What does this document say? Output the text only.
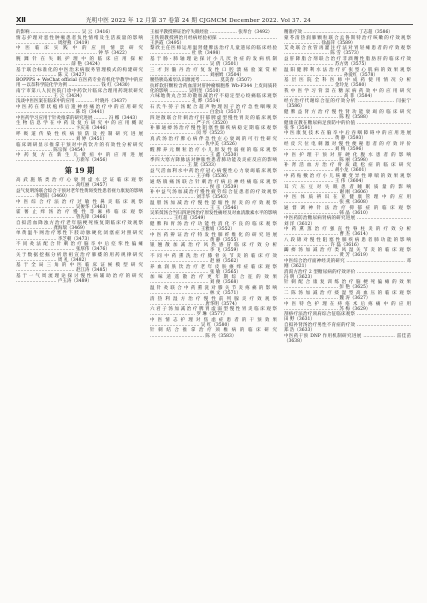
Ⅻ	光明中医 2022 年 12 月第 37 卷第 24 期 CJGMCM December 2022. Vol 37. 24
的影响 …………………………… 吴 云（3416）
情志护理对恶性肿瘤患者负性情绪及生活质量的影响 ……………………… 周舒燕（3419）
中医临床实践中的应用情景研究 ……………………………………………… 钟 华（3422）
腕踝针在失眠护理中的临床应用探析 ……………………………… 薛 艳（3424）
基于联合标准化的中医治未病服务管理模式的构建研究 ……………………… 陈 义（3427）
BOPPPS + WeChat official 在医药专业有机化学教学中的应用 —以奈科学院化学为例 ………………… 钱 红（3430）
南宁市第八人民医院门诊中药饮片临床合理用药现状研究 …………………… 王 云（3434）
浅谈中医医案在临床中的应用 ………… 叶晓丹（3437）
中医药在带状疱疹后遗神经痛治疗中的应用研究 ………………………………… 陈 均（3441）
中医药学习应用于针灸推拿的研究进展 ……… 冯 娜（3443）
生物信息学在中药及复方研究中的应用概况 ………………………………… 卞庆来（3446）
呼吸道传染性疾病预防及控制研究进展 ………………………………… 刘 婷（3451）
临床调研显示推拿干预对中药饮片的有效性分析研究 …………………… 陈宗保（3454）
中药复方在新生儿黄疸中的应用进展 ………………………………… 万新军（3456）
第 19 期
高武施筋类治疗心衰肾虚水泛证临床观察 ………………………………… 高红丽（3457）
益气复明汤联合综合干预对老年性黄斑变性患者视力康复的影响 ………… 李昭阳（3460）
中医综合疗法治疗过敏性鼻炎临床观察 ………………………………… 吴俊华（3463）
霍薯止痒汤治疗慢性荨麻疹临床观察 ………………………………… 曾先锋（3466）
自拟活血降浊方治疗老年脑梗死恢复期临床疗效观察 …………………… 龚海瑞（3469）
单黄温牛网治疗寒性下肢动脉硬化闭塞症对照研究 ……………………… 李芝朝（3473）
不同灸法配合针刺治疗脑卒中后痉挛性偏瘫 ………………………………… 张厚伟（3476）
关于数据挖掘分析唐祖宣治疗肺痿的用药规律研究 ……………………… 周 礼（3482）
基于全局三角的中医临床证候模型研究 ………………………………… 赵江涛（3485）
基于一气周流理论探讨慢性病辅助治疗的研究 ……………………… 卢玉涛（3489）
王福平教授辨证治疗失眠经验 ……………… 张奉台（3492）
王铁锁教授辨治月经病经验初探 ………………………………… 王洪霞（3495）
黎欣主任医师运用温肾健脾法治疗儿童遗尿的临床经验 ……………………… 杜 欣（3498）
基于肠-肺轴理论探讨小儿厌食症的发病机制 ………………………………… 吴 倩（3501）
三才封髓丹治疗复发性口腔溃疡验案赏析 ………………………………… 刘丽姆（3504）
腰热胰岛素泵认识源流考 ………… 莫美春（3507）
抗纤软肝颗粒含药血清对肝肿瘤细胞系 Wb-F344 上皮间质转化的影响 ………… 吴明奎（3510）
六味地黄丸合异功散加减治疗不稳定型心绞痛临床观察 ……………………… 孔 晔（3514）
石氏牛蒡子汤配合超声物理因子治疗急性咽喉炎 ………………………………… 白金山（3517）
四逆散联合针刺治疗肝郁脾虚型慢性胃炎的临床观察 ………………………… 严子兴（3520）
补肺通痹汤治疗慢性阻塞性肺疾病稳定期临床观察 ………………………… 闵 琴（3523）
真武汤治疗脾心病伴急性左心衰竭的可行性研究 ……………………………… 仇中美（3526）
醒脾养元颗粒治疗小儿原发性弱视的临床观察 ………………………………… 王 鑫（3530）
季四大寒方降脉法对肿胀性患者肺功能及炎症反应的影响 …………………… 王 黛（3533）
益气活血利水中药治疗冠心病慢性心力衰竭临床观察 ………………………… 王子峰（3536）
通络镇痛汤联合针刺治疗病后神经痛临床观察 ………………………………… 侯 彦（3539）
补中益气汤加减治疗慢性疲劳综合征患者的疗效观察 ………………………… 刘丰华（3543）
温胆汤加减治疗慢性萎缩性胃炎的疗效观察 ………………………………… 王 玉（3546）
吴茱萸汤合当归四逆汤治疗原发性痛经及对血清激素水平的影响 …………… 王红超（3549）
健脾和胃汤治疗功能性消化不良的临床观察 …………………………… 王雅娟（3552）
中医药辨证治疗特发性肺纤维化的研究进展 ………………………………… 黄 静（3555）
银翘散加减治疗风热感冒临床疗效分析 ………………………………… 李 飞（3559）
不同中药熏洗治疗膝骨关节炎的临床疗效 ………………………………… 赵 丽（3562）
养血润肤饮治疗老年皮肤瘙痒症临床观察 ………………………………… 张 敏（3565）
加味逍遥散治疗更年期综合征的效果 ………………………………… 刘 俊（3568）
温针灸联合中药熏洗对膝关节炎疼痛的影响 ………………………………… 林 文（3571）
清热利湿方治疗慢性前列腺炎疗效观察 ……………………………… 唐华明（3574）
六君子汤加减治疗脾胃虚弱型慢性胃炎临床观察 ………………………… 罗 琳（3577）
中医情志护理对焦虑症患者的干预效果 …………………………… 吴 红（3580）
针刺结合推拿治疗颈椎病的临床研究 ……………………………… 陈 亮（3583）
精准疗效 ……………………………… 丁志超（3586）
蒙苓清热润肺颗粒联合孟鲁斯特治疗咳嗽的疗效观察 …………………… 徐晶萍（3589）
艾灸联合食管再灌注疗法对胃轻瘫患者的疗效观察 ………………………… 陈 雪（3573）
益肝降脂合剂联合治疗非酒精性脂肪肝的临床疗效 …………………………… 苏方勇（3575）
温阳健脾利水法治疗扩张型心肌病的效果观察 ………………………………… 孙爱红（3578）
基层医院全科医师中成药使用情况分析 …………………………… 金玲龙（3580）
我中医学习背景在糖尿病药效中的应用研究 ………………………………… 高 菲（3584）
经方治疗代谢综合征的疗效分析 …………………… 闫振宁（3586）
健脾益肾方治疗慢性肾功能衰竭的临床研究 ……………………………… 陈 程（3588）
健康宣教在糖尿病足预防中的价值 ……………………………… 张 华（3591）
中医康复技术在脑卒中后吞咽障碍中的应用进展 …………………………… 黄 静（3593）
经皮穴位电刺激对慢性便秘患者的疗效评价 …………………………… 刘 梅（3596）
中医护理干预对肝硬化腹水患者的影响 ……………………………… 陈 丽（3598）
补肾活血方治疗骨质疏松症的临床研究 …………………………… 胡小龙（3601）
中药贴敷治疗小儿咳嗽变异性哮喘的效果观察 …………………………… 王 伟（3604）
耳穴压豆对失眠患者睡眠质量的影响 ……………………………… 谢 刚（3606）
中医体质辨识在亚健康管理中的应用 ……………………………… 张 燕（3608）
通督调神针法治疗抑郁症的临床观察 ……………………………… 韩 晶（3610）
中医药防治糖尿病肾病的研究进展 ……………………………… 刘 洋（3612）
中药熏蒸治疗强直性脊柱炎的疗效分析 ……………………………… 曹 杰（3614）
八段锦对慢性阻塞性肺疾病患者肺功能的影响 ………………………… 许 磊（3616）
蠲痹汤加减治疗类风湿关节炎的临床观察 ……………………………… 黄 芳（3619）
中医综合治疗面神经炎的研究 ………………………………… 邓 刚（3621）
消渴方治疗 2 型糖尿病的疗效评价 ……………………………… 冯 明（3623）
针刺配合康复训练治疗脑梗死偏瘫的效果 ……………………………… 彭 艳（3625）
二陈汤加减治疗痰湿型高血压的临床观察 ……………………………… 魏 涛（3627）
中医特色护理在痔疮术后疼痛中的应用 ……………………………… 苏 梅（3629）
刮痧疗法治疗颈肩综合征临床观察 ……………………………… 田 野（3631）
自拟补肾汤治疗男性不育症的疗效 ……………………………… 郑 浩（3633）
中医药干预 DNP 作用机制研究进展 ………………… 雷佳苗（3638）
